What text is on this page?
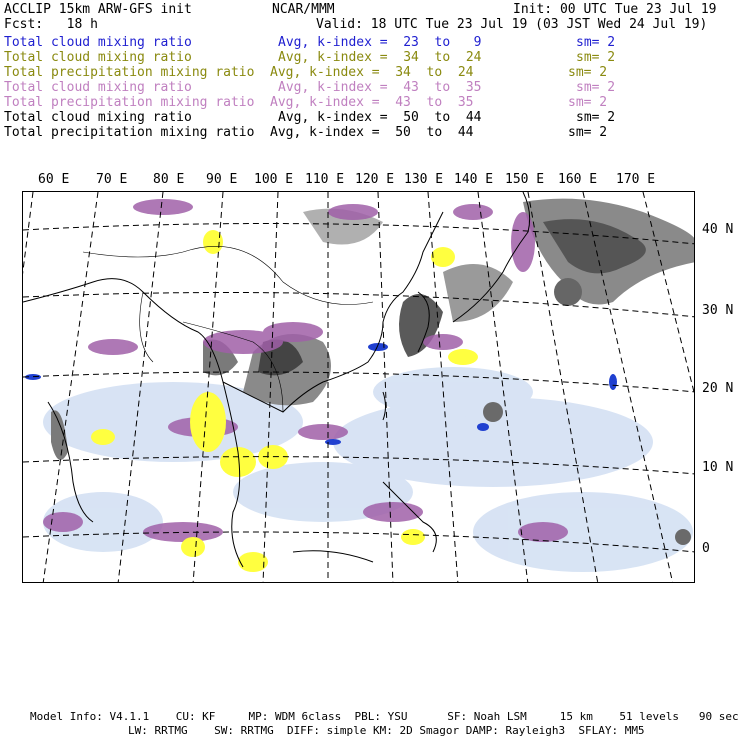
ACCLIP 15km ARW-GFS init	NCAR/MMM	Init: 00 UTC Tue 23 Jul 19
Fcst:   18 h	Valid: 18 UTC Tue 23 Jul 19 (03 JST Wed 24 Jul 19)
Total cloud mixing ratio	Avg, k-index =  23  to   9	sm= 2
Total cloud mixing ratio	Avg, k-index =  34  to  24	sm= 2
Total precipitation mixing ratio Avg, k-index =  34  to  24	sm= 2
Total cloud mixing ratio	Avg, k-index =  43  to  35	sm= 2
Total precipitation mixing ratio Avg, k-index =  43  to  35	sm= 2
Total cloud mixing ratio	Avg, k-index =  50  to  44	sm= 2
Total precipitation mixing ratio Avg, k-index =  50  to  44	sm= 2
60 E 70 E 80 E 90 E 100 E 110 E 120 E 130 E 140 E 150 E 160 E 170 E
40 N
30 N
20 N
10 N
0
Model Info: V4.1.1    CU: KF     MP: WDM 6class  PBL: YSU      SF: Noah LSM     15 km    51 levels   90 sec
LW: RRTMG    SW: RRTMG  DIFF: simple KM: 2D Smagor DAMP: Rayleigh3  SFLAY: MM5
